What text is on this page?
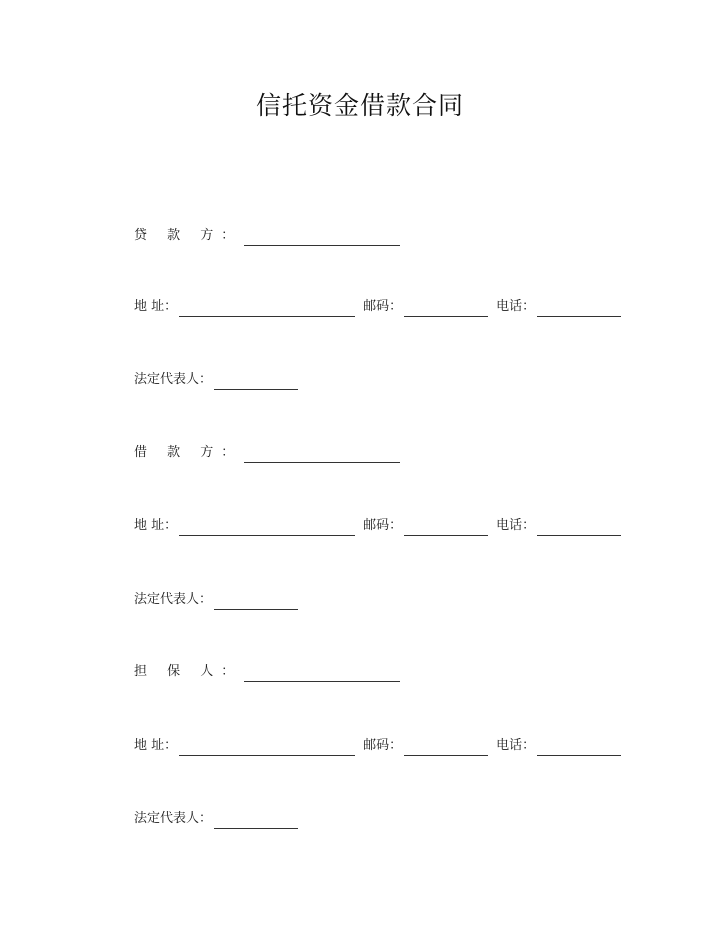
信托资金借款合同
贷 款 方：
地 址：	邮码：	电话：
法定代表人：
借 款 方：
地 址：	邮码：	电话：
法定代表人：
担 保 人：
地 址：	邮码：	电话：
法定代表人：
